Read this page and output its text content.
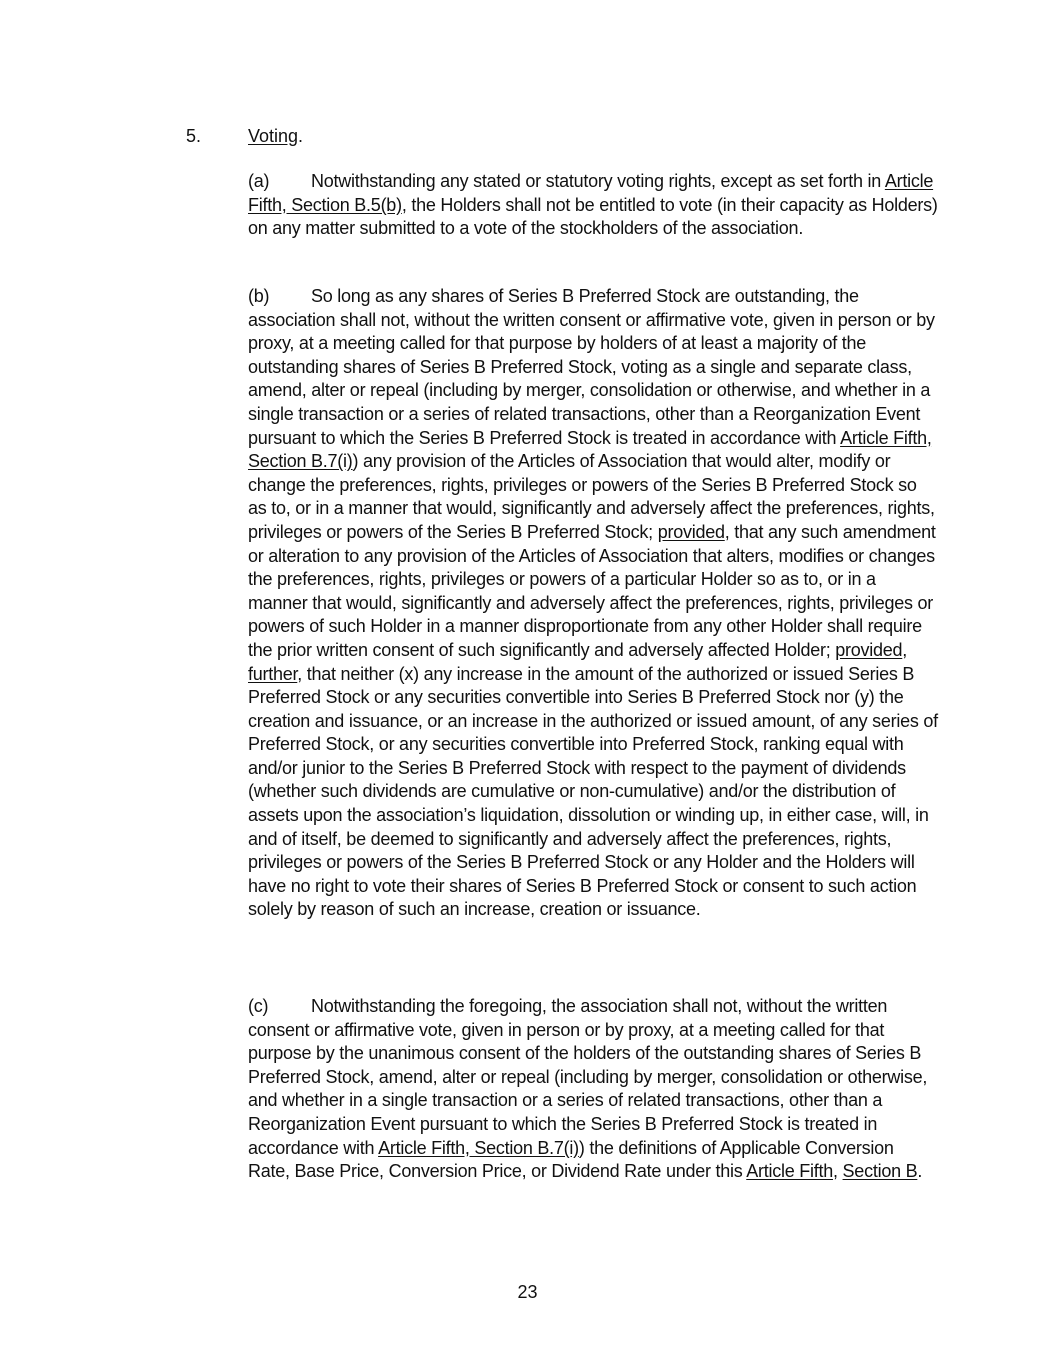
5.	Voting.
(a) Notwithstanding any stated or statutory voting rights, except as set forth in Article Fifth, Section B.5(b), the Holders shall not be entitled to vote (in their capacity as Holders) on any matter submitted to a vote of the stockholders of the association.
(b) So long as any shares of Series B Preferred Stock are outstanding, the association shall not, without the written consent or affirmative vote, given in person or by proxy, at a meeting called for that purpose by holders of at least a majority of the outstanding shares of Series B Preferred Stock, voting as a single and separate class, amend, alter or repeal (including by merger, consolidation or otherwise, and whether in a single transaction or a series of related transactions, other than a Reorganization Event pursuant to which the Series B Preferred Stock is treated in accordance with Article Fifth, Section B.7(i)) any provision of the Articles of Association that would alter, modify or change the preferences, rights, privileges or powers of the Series B Preferred Stock so as to, or in a manner that would, significantly and adversely affect the preferences, rights, privileges or powers of the Series B Preferred Stock; provided, that any such amendment or alteration to any provision of the Articles of Association that alters, modifies or changes the preferences, rights, privileges or powers of a particular Holder so as to, or in a manner that would, significantly and adversely affect the preferences, rights, privileges or powers of such Holder in a manner disproportionate from any other Holder shall require the prior written consent of such significantly and adversely affected Holder; provided, further, that neither (x) any increase in the amount of the authorized or issued Series B Preferred Stock or any securities convertible into Series B Preferred Stock nor (y) the creation and issuance, or an increase in the authorized or issued amount, of any series of Preferred Stock, or any securities convertible into Preferred Stock, ranking equal with and/or junior to the Series B Preferred Stock with respect to the payment of dividends (whether such dividends are cumulative or non-cumulative) and/or the distribution of assets upon the association’s liquidation, dissolution or winding up, in either case, will, in and of itself, be deemed to significantly and adversely affect the preferences, rights, privileges or powers of the Series B Preferred Stock or any Holder and the Holders will have no right to vote their shares of Series B Preferred Stock or consent to such action solely by reason of such an increase, creation or issuance.
(c) Notwithstanding the foregoing, the association shall not, without the written consent or affirmative vote, given in person or by proxy, at a meeting called for that purpose by the unanimous consent of the holders of the outstanding shares of Series B Preferred Stock, amend, alter or repeal (including by merger, consolidation or otherwise, and whether in a single transaction or a series of related transactions, other than a Reorganization Event pursuant to which the Series B Preferred Stock is treated in accordance with Article Fifth, Section B.7(i)) the definitions of Applicable Conversion Rate, Base Price, Conversion Price, or Dividend Rate under this Article Fifth, Section B.
23
